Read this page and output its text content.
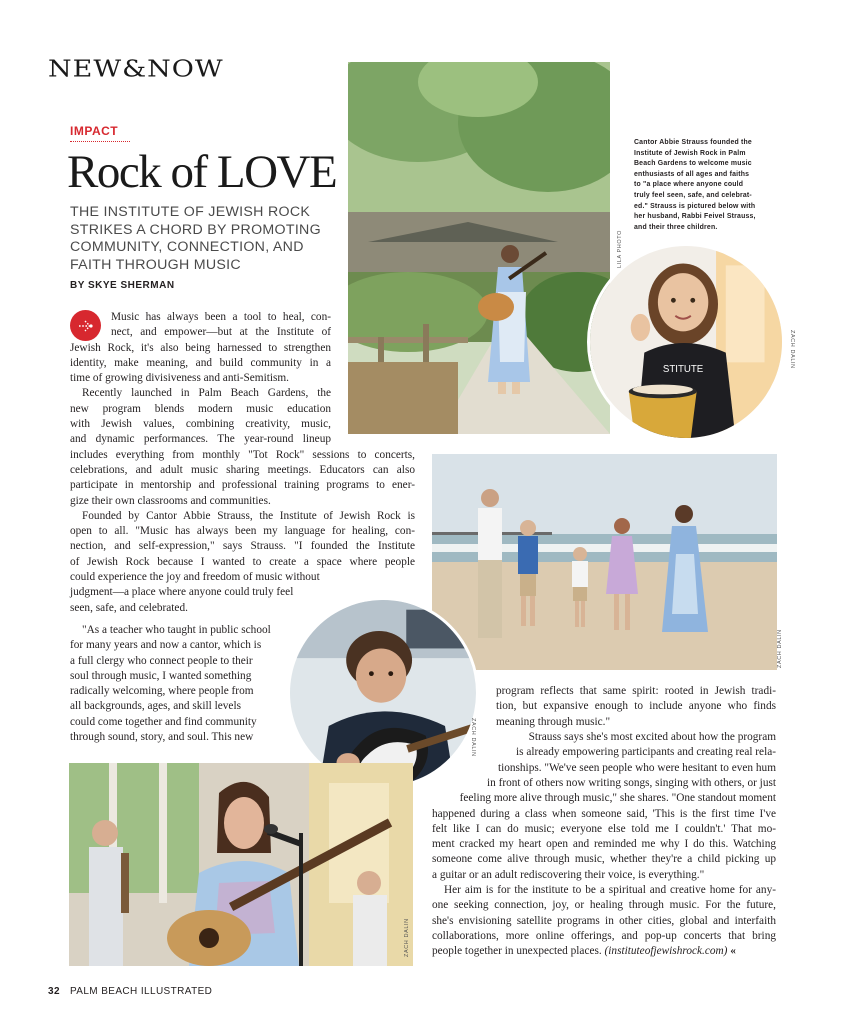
NEW&NOW
IMPACT
Rock of LOVE
THE INSTITUTE OF JEWISH ROCK
STRIKES A CHORD BY PROMOTING
COMMUNITY, CONNECTION, AND
FAITH THROUGH MUSIC
BY SKYE SHERMAN
Music has always been a tool to heal, con-
nect, and empower—but at the Institute of
Jewish Rock, it's also being harnessed to strengthen
identity, make meaning, and build community in a
time of growing divisiveness and anti-Semitism.
Recently launched in Palm Beach Gardens, the
new program blends modern music education
with Jewish values, combining creativity, music,
and dynamic performances. The year-round lineup
includes everything from monthly "Tot Rock" sessions to concerts,
celebrations, and adult music sharing meetings. Educators can also
participate in mentorship and professional training programs to ener-
gize their own classrooms and communities.
Founded by Cantor Abbie Strauss, the Institute of Jewish Rock is
open to all. "Music has always been my language for healing, con-
nection, and self-expression," says Strauss. "I founded the Institute
of Jewish Rock because I wanted to create a space where people
could experience the joy and freedom of music without
judgment—a place where anyone could truly feel
seen, safe, and celebrated.
"As a teacher who taught in public school
for many years and now a cantor, which is
a full clergy who connect people to their
soul through music, I wanted something
radically welcoming, where people from
all backgrounds, ages, and skill levels
could come together and find community
through sound, story, and soul. This new
program reflects that same spirit: rooted in Jewish tradi-
tion, but expansive enough to include anyone who finds
meaning through music."
Strauss says she's most excited about how the program
is already empowering participants and creating real rela-
tionships. "We've seen people who were hesitant to even hum
in front of others now writing songs, singing with others, or just
feeling more alive through music," she shares. "One standout moment
happened during a class when someone said, 'This is the first time I've
felt like I can do music; everyone else told me I couldn't.' That mo-
ment cracked my heart open and reminded me why I do this. Watching
someone come alive through music, whether they're a child picking up
a guitar or an adult rediscovering their voice, is everything."
Her aim is for the institute to be a spiritual and creative home for any-
one seeking connection, joy, or healing through music. For the future,
she's envisioning satellite programs in other cities, global and interfaith
collaborations, more online offerings, and pop-up concerts that bring
people together in unexpected places. (instituteofjewishrock.com) «
LILA PHOTO
Cantor Abbie Strauss founded the
Institute of Jewish Rock in Palm
Beach Gardens to welcome music
enthusiasts of all ages and faiths
to "a place where anyone could
truly feel seen, safe, and celebrat-
ed." Strauss is pictured below with
her husband, Rabbi Feivel Strauss,
and their three children.
STITUTE
ZACH DALIN
ZACH DALIN
ZACH DALIN
ZACH DALIN
32 PALM BEACH ILLUSTRATED
